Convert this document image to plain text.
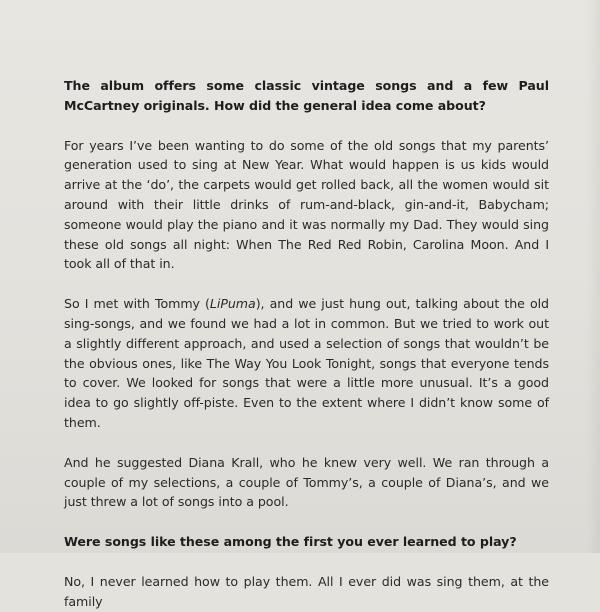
The album offers some classic vintage songs and a few Paul McCartney originals. How did the general idea come about?

For years I’ve been wanting to do some of the old songs that my parents’ generation used to sing at New Year. What would happen is us kids would arrive at the ‘do’, the carpets would get rolled back, all the women would sit around with their little drinks of rum-and-black, gin-and-it, Babycham; someone would play the piano and it was normally my Dad. They would sing these old songs all night: When The Red Red Robin, Carolina Moon. And I took all of that in.

So I met with Tommy (LiPuma), and we just hung out, talking about the old sing-songs, and we found we had a lot in common. But we tried to work out a slightly different approach, and used a selection of songs that wouldn’t be the obvious ones, like The Way You Look Tonight, songs that everyone tends to cover. We looked for songs that were a little more unusual. It’s a good idea to go slightly off-piste. Even to the extent where I didn’t know some of them.

And he suggested Diana Krall, who he knew very well. We ran through a couple of my selections, a couple of Tommy’s, a couple of Diana’s, and we just threw a lot of songs into a pool.

Were songs like these among the first you ever learned to play?

No, I never learned how to play them. All I ever did was sing them, at the family
